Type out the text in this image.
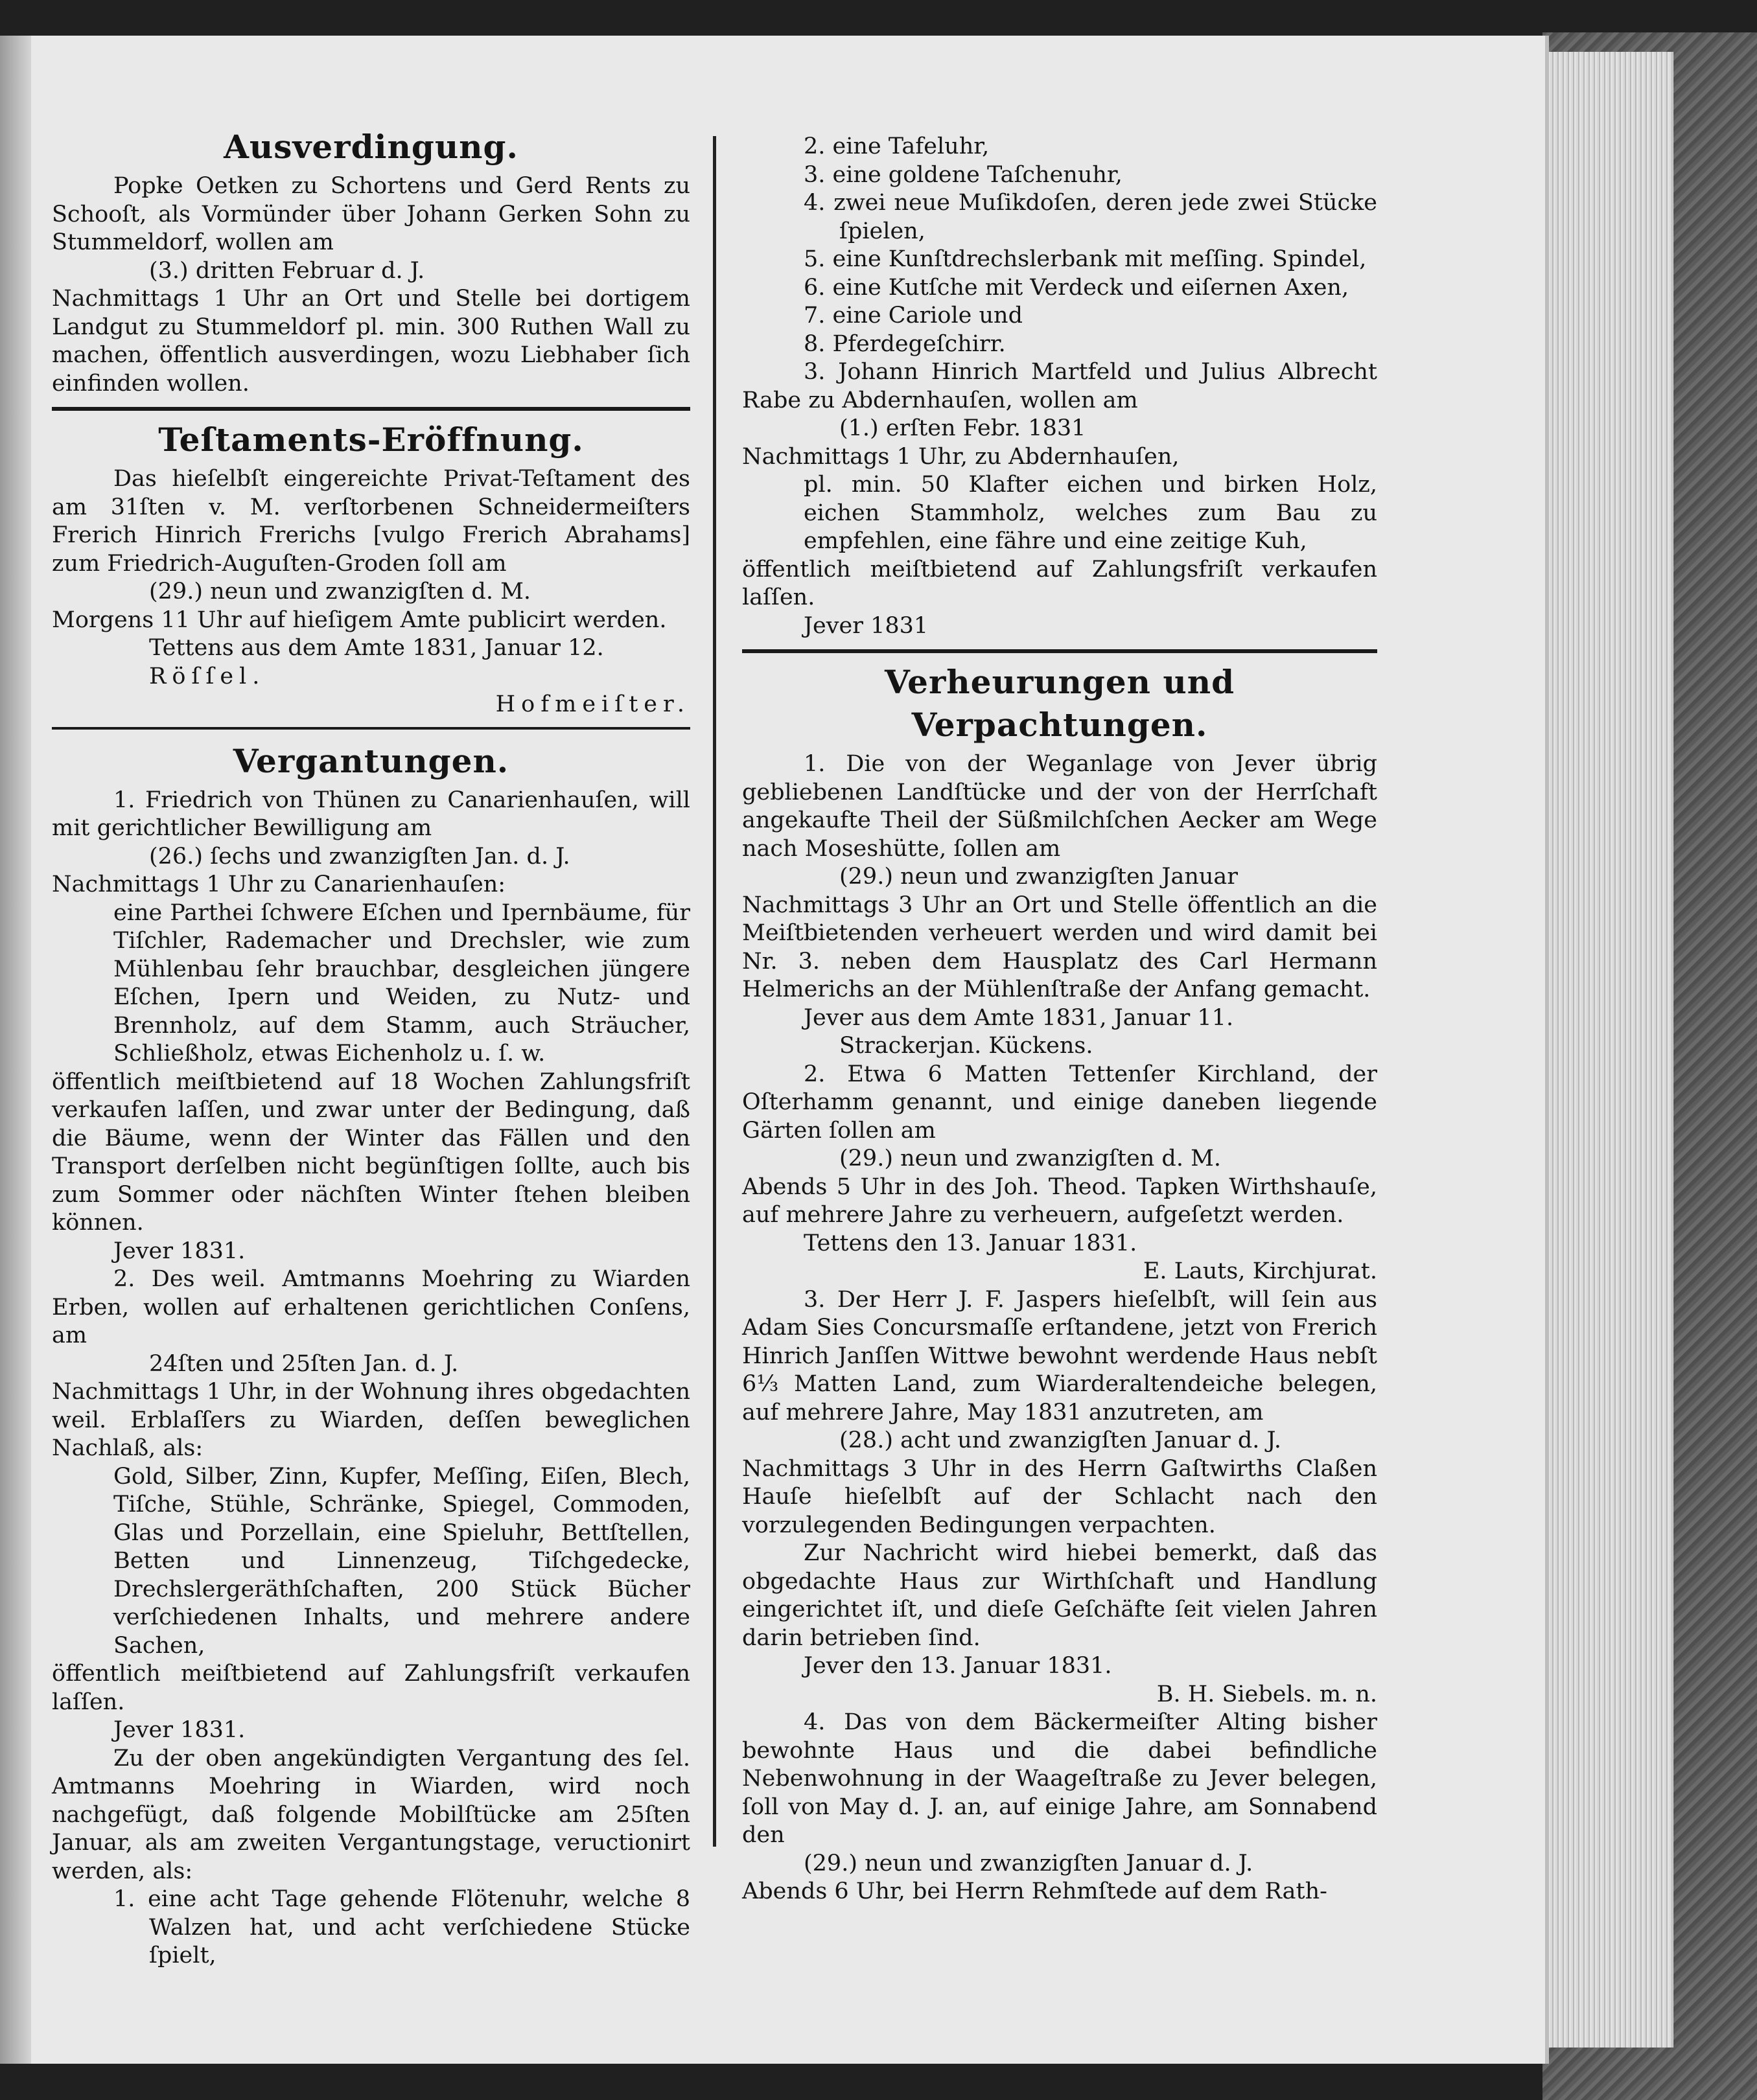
Ausverdingung.

Popke Oetken zu Schortens und Gerd Rents zu Schooſt, als Vormünder über Johann Gerken Sohn zu Stummeldorf, wollen am

(3.) dritten Februar d. J.

Nachmittags 1 Uhr an Ort und Stelle bei dortigem Landgut zu Stummeldorf pl. min. 300 Ruthen Wall zu machen, öffentlich ausverdingen, wozu Liebhaber ſich einfinden wollen.

Teſtaments-Eröffnung.

Das hieſelbſt eingereichte Privat-Teſtament des am 31ſten v. M. verſtorbenen Schneidermeiſters Frerich Hinrich Frerichs [vulgo Frerich Abrahams] zum Friedrich-Auguſten-Groden ſoll am

(29.) neun und zwanzigſten d. M.

Morgens 11 Uhr auf hieſigem Amte publicirt werden.

Tettens aus dem Amte 1831, Januar 12.

Röſſel.

Hofmeiſter.

Vergantungen.

1. Friedrich von Thünen zu Canarienhauſen, will mit gerichtlicher Bewilligung am

(26.) ſechs und zwanzigſten Jan. d. J.

Nachmittags 1 Uhr zu Canarienhauſen:

eine Parthei ſchwere Eſchen und Ipernbäume, für Tiſchler, Rademacher und Drechsler, wie zum Mühlenbau ſehr brauchbar, desgleichen jüngere Eſchen, Ipern und Weiden, zu Nutz- und Brennholz, auf dem Stamm, auch Sträucher, Schließholz, etwas Eichenholz u. ſ. w.

öffentlich meiſtbietend auf 18 Wochen Zahlungsfriſt verkaufen laſſen, und zwar unter der Bedingung, daß die Bäume, wenn der Winter das Fällen und den Transport derſelben nicht begünſtigen ſollte, auch bis zum Sommer oder nächſten Winter ſtehen bleiben können.

Jever 1831.

2. Des weil. Amtmanns Moehring zu Wiarden Erben, wollen auf erhaltenen gerichtlichen Conſens, am

24ſten und 25ſten Jan. d. J.

Nachmittags 1 Uhr, in der Wohnung ihres obgedachten weil. Erblaſſers zu Wiarden, deſſen beweglichen Nachlaß, als:

Gold, Silber, Zinn, Kupfer, Meſſing, Eiſen, Blech, Tiſche, Stühle, Schränke, Spiegel, Commoden, Glas und Porzellain, eine Spieluhr, Bettſtellen, Betten und Linnenzeug, Tiſchgedecke, Drechslergeräthſchaften, 200 Stück Bücher verſchiedenen Inhalts, und mehrere andere Sachen,

öffentlich meiſtbietend auf Zahlungsfriſt verkaufen laſſen.

Jever 1831.

Zu der oben angekündigten Vergantung des ſel. Amtmanns Moehring in Wiarden, wird noch nachgefügt, daß folgende Mobilſtücke am 25ſten Januar, als am zweiten Vergantungstage, veructionirt werden, als:

1. eine acht Tage gehende Flötenuhr, welche 8 Walzen hat, und acht verſchiedene Stücke ſpielt,

2. eine Tafeluhr,

3. eine goldene Taſchenuhr,

4. zwei neue Muſikdoſen, deren jede zwei Stücke ſpielen,

5. eine Kunſtdrechslerbank mit meſſing. Spindel,

6. eine Kutſche mit Verdeck und eiſernen Axen,

7. eine Cariole und

8. Pferdegeſchirr.

3. Johann Hinrich Martfeld und Julius Albrecht Rabe zu Abdernhauſen, wollen am

(1.) erſten Febr. 1831

Nachmittags 1 Uhr, zu Abdernhauſen,

pl. min. 50 Klafter eichen und birken Holz, eichen Stammholz, welches zum Bau zu empfehlen, eine fähre und eine zeitige Kuh,

öffentlich meiſtbietend auf Zahlungsfriſt verkaufen laſſen.

Jever 1831

Verheurungen und Verpachtungen.

1. Die von der Weganlage von Jever übrig gebliebenen Landſtücke und der von der Herrſchaft angekaufte Theil der Süßmilchſchen Aecker am Wege nach Moseshütte, ſollen am

(29.) neun und zwanzigſten Januar

Nachmittags 3 Uhr an Ort und Stelle öffentlich an die Meiſtbietenden verheuert werden und wird damit bei Nr. 3. neben dem Hausplatz des Carl Hermann Helmerichs an der Mühlenſtraße der Anfang gemacht.

Jever aus dem Amte 1831, Januar 11.

Strackerjan. Kückens.

2. Etwa 6 Matten Tettenſer Kirchland, der Oſterhamm genannt, und einige daneben liegende Gärten ſollen am

(29.) neun und zwanzigſten d. M.

Abends 5 Uhr in des Joh. Theod. Tapken Wirthshauſe, auf mehrere Jahre zu verheuern, aufgeſetzt werden.

Tettens den 13. Januar 1831.

E. Lauts, Kirchjurat.

3. Der Herr J. F. Jaspers hieſelbſt, will ſein aus Adam Sies Concursmaſſe erſtandene, jetzt von Frerich Hinrich Janſſen Wittwe bewohnt werdende Haus nebſt 6⅓ Matten Land, zum Wiarderaltendeiche belegen, auf mehrere Jahre, May 1831 anzutreten, am

(28.) acht und zwanzigſten Januar d. J.

Nachmittags 3 Uhr in des Herrn Gaſtwirths Claßen Hauſe hieſelbſt auf der Schlacht nach den vorzulegenden Bedingungen verpachten.

Zur Nachricht wird hiebei bemerkt, daß das obgedachte Haus zur Wirthſchaft und Handlung eingerichtet iſt, und dieſe Geſchäfte ſeit vielen Jahren darin betrieben ſind.

Jever den 13. Januar 1831.

B. H. Siebels. m. n.

4. Das von dem Bäckermeiſter Alting bisher bewohnte Haus und die dabei befindliche Nebenwohnung in der Waageſtraße zu Jever belegen, ſoll von May d. J. an, auf einige Jahre, am Sonnabend den

(29.) neun und zwanzigſten Januar d. J.

Abends 6 Uhr, bei Herrn Rehmſtede auf dem Rath-
